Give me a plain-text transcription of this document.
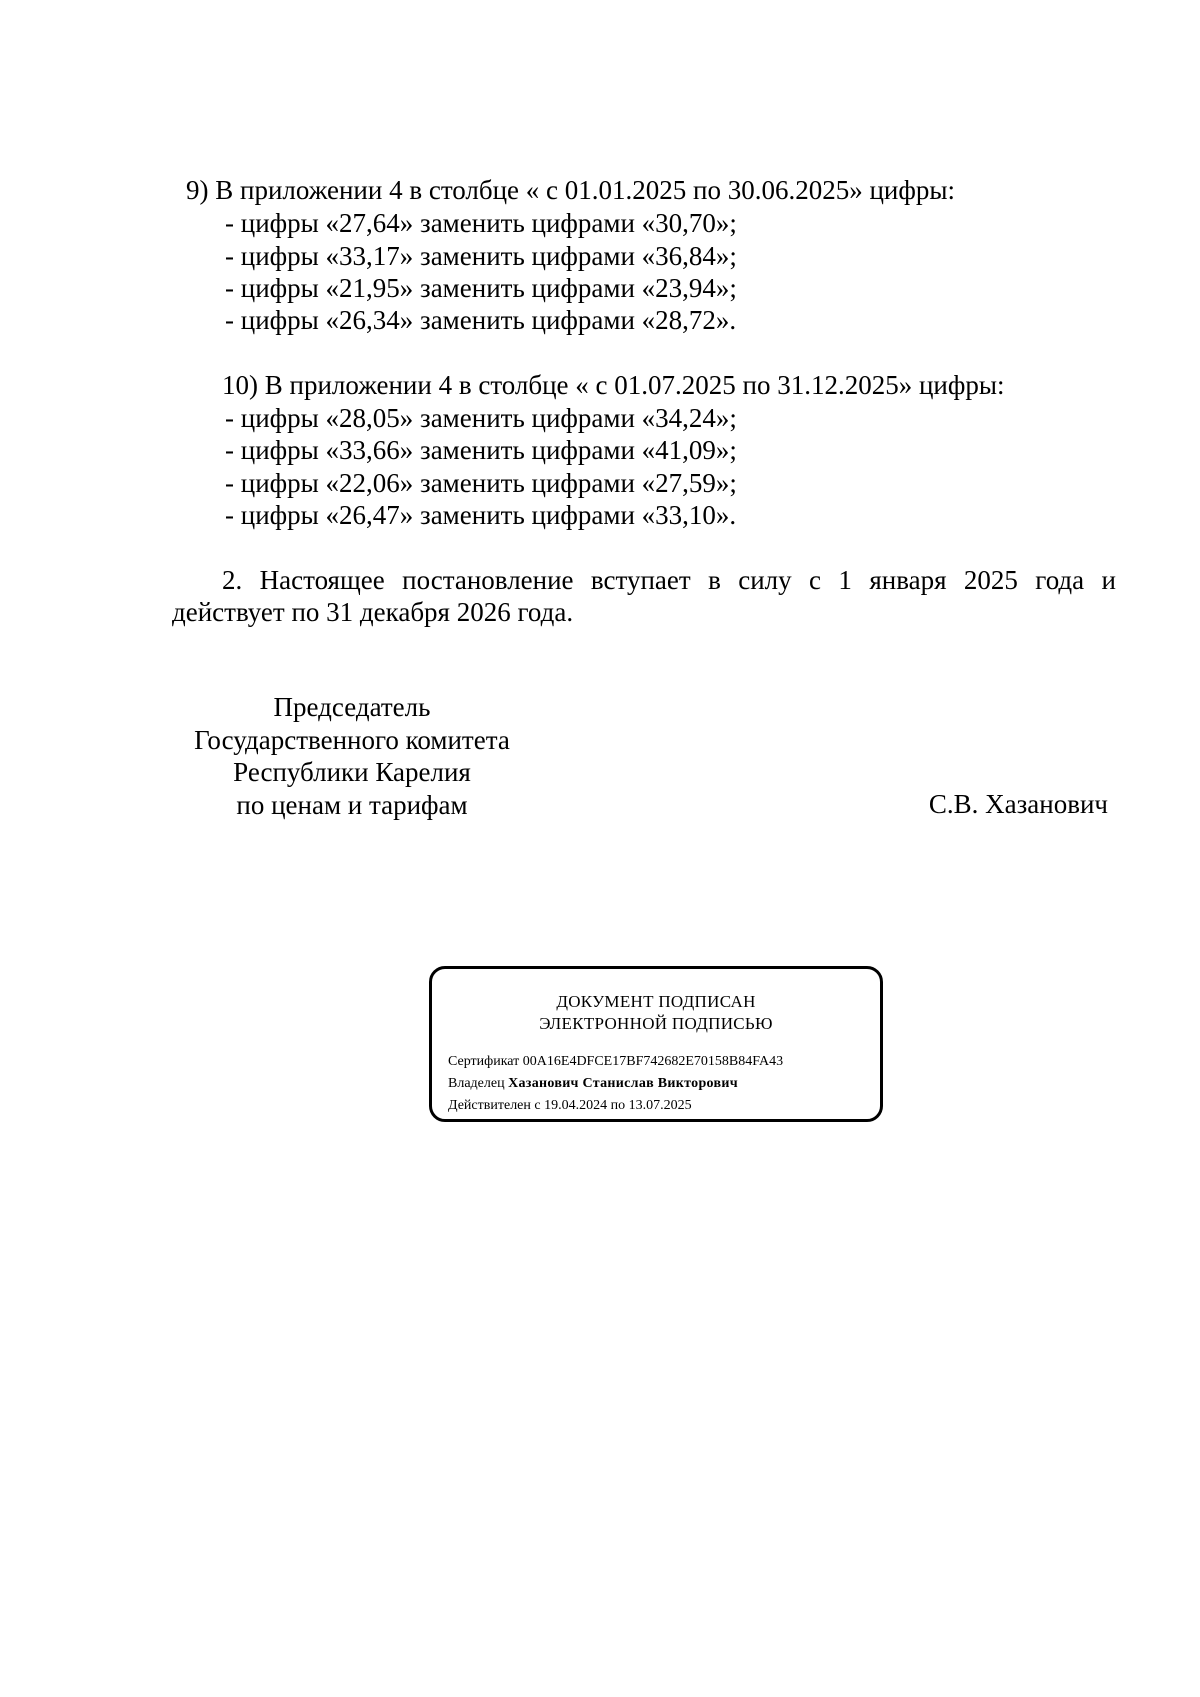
9) В приложении 4 в столбце « с 01.01.2025 по 30.06.2025» цифры:
- цифры «27,64» заменить цифрами «30,70»;
- цифры «33,17» заменить цифрами «36,84»;
- цифры «21,95» заменить цифрами «23,94»;
- цифры «26,34» заменить цифрами «28,72».
10) В приложении 4 в столбце « с 01.07.2025 по 31.12.2025» цифры:
- цифры «28,05» заменить цифрами «34,24»;
- цифры «33,66» заменить цифрами «41,09»;
- цифры «22,06» заменить цифрами «27,59»;
- цифры «26,47» заменить цифрами «33,10».
2. Настоящее постановление вступает в силу с 1 января 2025 года и
действует по 31 декабря 2026 года.
Председатель
Государственного комитета
Республики Карелия
по ценам и тарифам	С.В. Хазанович
ДОКУМЕНТ ПОДПИСАН
ЭЛЕКТРОННОЙ ПОДПИСЬЮ
Сертификат 00A16E4DFCE17BF742682E70158B84FA43
Владелец Хазанович Станислав Викторович
Действителен с 19.04.2024 по 13.07.2025
